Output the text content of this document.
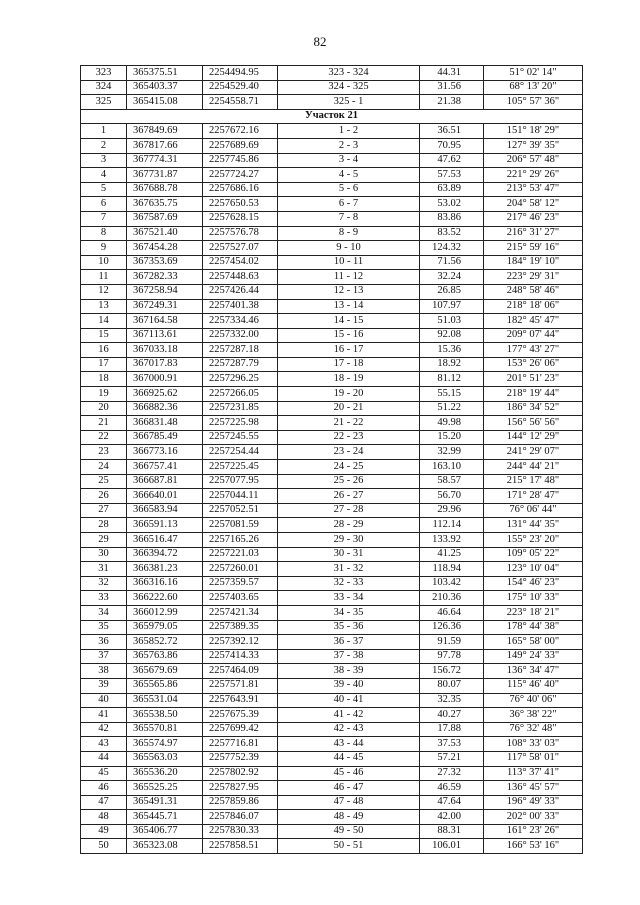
82
323	365375.51	2254494.95	323 - 324	44.31	51° 02' 14"
324	365403.37	2254529.40	324 - 325	31.56	68° 13' 20"
325	365415.08	2254558.71	325 - 1	21.38	105° 57' 36"
Участок 21					
1	367849.69	2257672.16	1 - 2	36.51	151° 18' 29"
2	367817.66	2257689.69	2 - 3	70.95	127° 39' 35"
3	367774.31	2257745.86	3 - 4	47.62	206° 57' 48"
4	367731.87	2257724.27	4 - 5	57.53	221° 29' 26"
5	367688.78	2257686.16	5 - 6	63.89	213° 53' 47"
6	367635.75	2257650.53	6 - 7	53.02	204° 58' 12"
7	367587.69	2257628.15	7 - 8	83.86	217° 46' 23"
8	367521.40	2257576.78	8 - 9	83.52	216° 31' 27"
9	367454.28	2257527.07	9 - 10	124.32	215° 59' 16"
10	367353.69	2257454.02	10 - 11	71.56	184° 19' 10"
11	367282.33	2257448.63	11 - 12	32.24	223° 29' 31"
12	367258.94	2257426.44	12 - 13	26.85	248° 58' 46"
13	367249.31	2257401.38	13 - 14	107.97	218° 18' 06"
14	367164.58	2257334.46	14 - 15	51.03	182° 45' 47"
15	367113.61	2257332.00	15 - 16	92.08	209° 07' 44"
16	367033.18	2257287.18	16 - 17	15.36	177° 43' 27"
17	367017.83	2257287.79	17 - 18	18.92	153° 26' 06"
18	367000.91	2257296.25	18 - 19	81.12	201° 51' 23"
19	366925.62	2257266.05	19 - 20	55.15	218° 19' 44"
20	366882.36	2257231.85	20 - 21	51.22	186° 34' 52"
21	366831.48	2257225.98	21 - 22	49.98	156° 56' 56"
22	366785.49	2257245.55	22 - 23	15.20	144° 12' 29"
23	366773.16	2257254.44	23 - 24	32.99	241° 29' 07"
24	366757.41	2257225.45	24 - 25	163.10	244° 44' 21"
25	366687.81	2257077.95	25 - 26	58.57	215° 17' 48"
26	366640.01	2257044.11	26 - 27	56.70	171° 28' 47"
27	366583.94	2257052.51	27 - 28	29.96	76° 06' 44"
28	366591.13	2257081.59	28 - 29	112.14	131° 44' 35"
29	366516.47	2257165.26	29 - 30	133.92	155° 23' 20"
30	366394.72	2257221.03	30 - 31	41.25	109° 05' 22"
31	366381.23	2257260.01	31 - 32	118.94	123° 10' 04"
32	366316.16	2257359.57	32 - 33	103.42	154° 46' 23"
33	366222.60	2257403.65	33 - 34	210.36	175° 10' 33"
34	366012.99	2257421.34	34 - 35	46.64	223° 18' 21"
35	365979.05	2257389.35	35 - 36	126.36	178° 44' 38"
36	365852.72	2257392.12	36 - 37	91.59	165° 58' 00"
37	365763.86	2257414.33	37 - 38	97.78	149° 24' 33"
38	365679.69	2257464.09	38 - 39	156.72	136° 34' 47"
39	365565.86	2257571.81	39 - 40	80.07	115° 46' 40"
40	365531.04	2257643.91	40 - 41	32.35	76° 40' 06"
41	365538.50	2257675.39	41 - 42	40.27	36° 38' 22"
42	365570.81	2257699.42	42 - 43	17.88	76° 32' 48"
43	365574.97	2257716.81	43 - 44	37.53	108° 33' 03"
44	365563.03	2257752.39	44 - 45	57.21	117° 58' 01"
45	365536.20	2257802.92	45 - 46	27.32	113° 37' 41"
46	365525.25	2257827.95	46 - 47	46.59	136° 45' 57"
47	365491.31	2257859.86	47 - 48	47.64	196° 49' 33"
48	365445.71	2257846.07	48 - 49	42.00	202° 00' 33"
49	365406.77	2257830.33	49 - 50	88.31	161° 23' 26"
50	365323.08	2257858.51	50 - 51	106.01	166° 53' 16"
